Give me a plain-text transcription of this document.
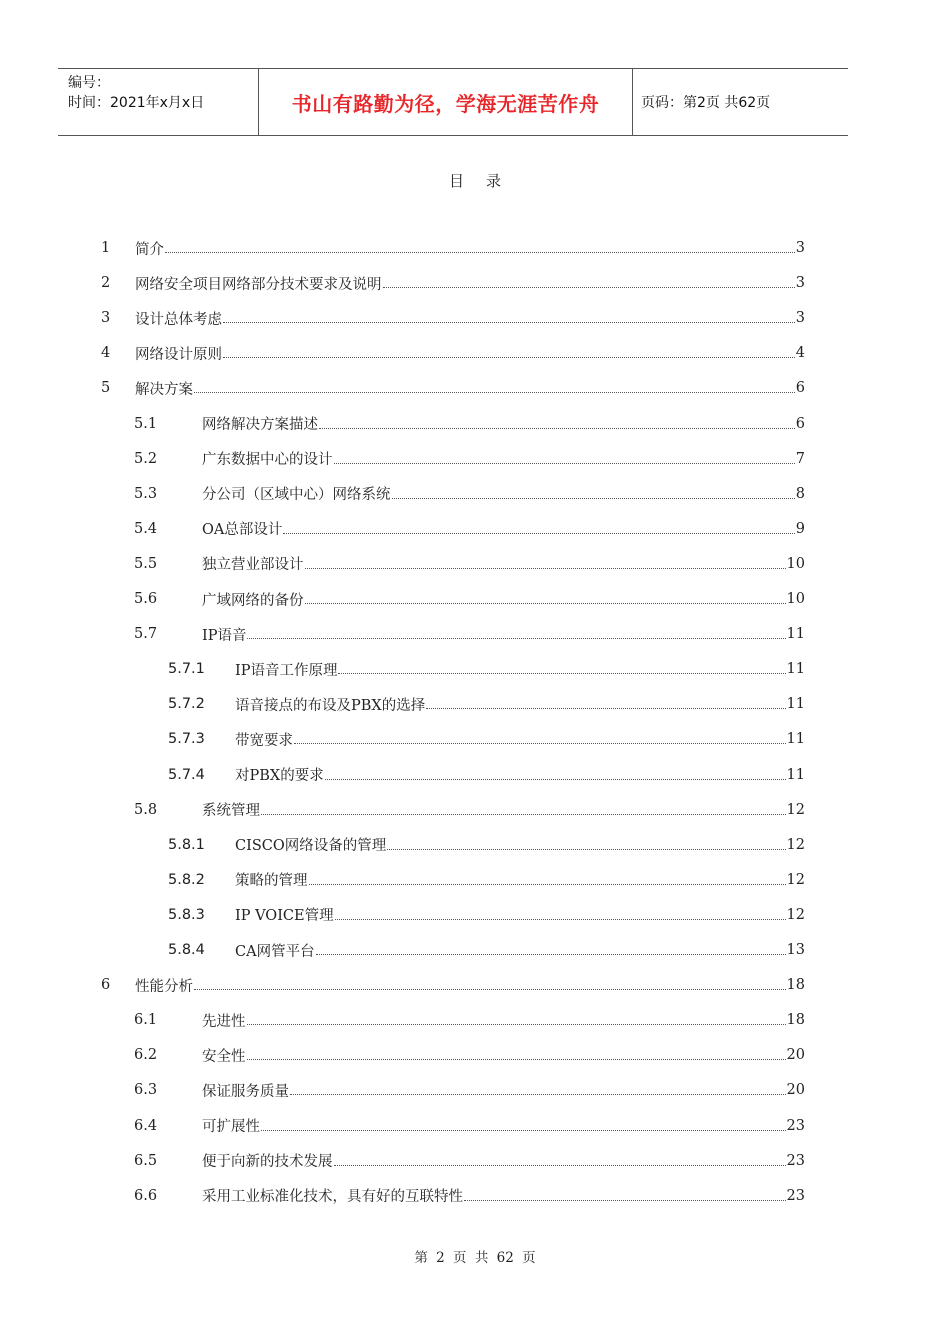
编号：
时间：2021年x月x日	书山有路勤为径，学海无涯苦作舟	页码：第2页 共62页
目录
1	简介	3
2	网络安全项目网络部分技术要求及说明	3
3	设计总体考虑	3
4	网络设计原则	4
5	解决方案	6
5.1	网络解决方案描述	6
5.2	广东数据中心的设计	7
5.3	分公司（区域中心）网络系统	8
5.4	OA总部设计	9
5.5	独立营业部设计	10
5.6	广域网络的备份	10
5.7	IP语音	11
5.7.1	IP语音工作原理	11
5.7.2	语音接点的布设及PBX的选择	11
5.7.3	带宽要求	11
5.7.4	对PBX的要求	11
5.8	系统管理	12
5.8.1	CISCO网络设备的管理	12
5.8.2	策略的管理	12
5.8.3	IP VOICE管理	12
5.8.4	CA网管平台	13
6	性能分析	18
6.1	先进性	18
6.2	安全性	20
6.3	保证服务质量	20
6.4	可扩展性	23
6.5	便于向新的技术发展	23
6.6	采用工业标准化技术，具有好的互联特性	23
第 2 页 共 62 页
